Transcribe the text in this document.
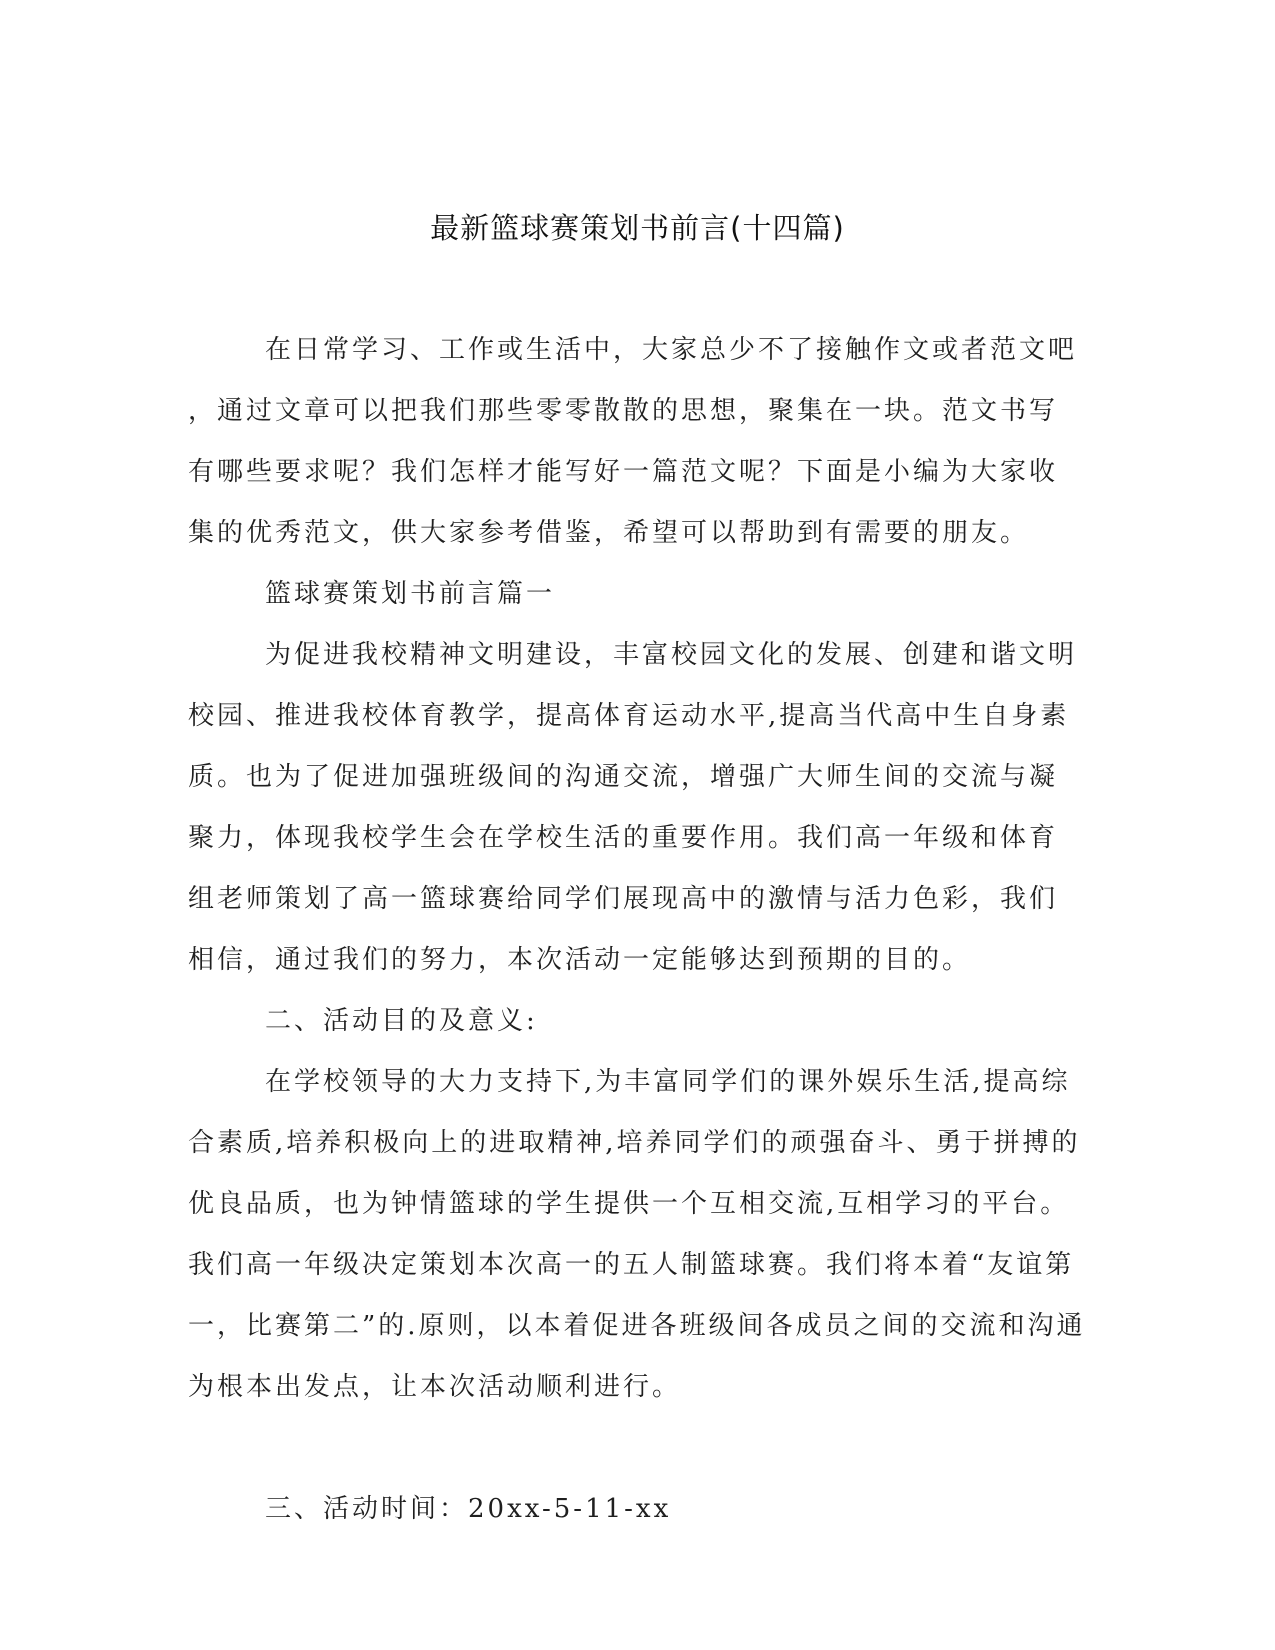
最新篮球赛策划书前言(十四篇)
在日常学习、工作或生活中，大家总少不了接触作文或者范文吧
，通过文章可以把我们那些零零散散的思想，聚集在一块。范文书写
有哪些要求呢？我们怎样才能写好一篇范文呢？下面是小编为大家收
集的优秀范文，供大家参考借鉴，希望可以帮助到有需要的朋友。
篮球赛策划书前言篇一
为促进我校精神文明建设，丰富校园文化的发展、创建和谐文明
校园、推进我校体育教学，提高体育运动水平,提高当代高中生自身素
质。也为了促进加强班级间的沟通交流，增强广大师生间的交流与凝
聚力，体现我校学生会在学校生活的重要作用。我们高一年级和体育
组老师策划了高一篮球赛给同学们展现高中的激情与活力色彩，我们
相信，通过我们的努力，本次活动一定能够达到预期的目的。
二、活动目的及意义:
在学校领导的大力支持下,为丰富同学们的课外娱乐生活,提高综
合素质,培养积极向上的进取精神,培养同学们的顽强奋斗、勇于拼搏的
优良品质，也为钟情篮球的学生提供一个互相交流,互相学习的平台。
我们高一年级决定策划本次高一的五人制篮球赛。我们将本着“友谊第
一，比赛第二”的.原则，以本着促进各班级间各成员之间的交流和沟通
为根本出发点，让本次活动顺利进行。
三、活动时间：20xx-5-11-xx
